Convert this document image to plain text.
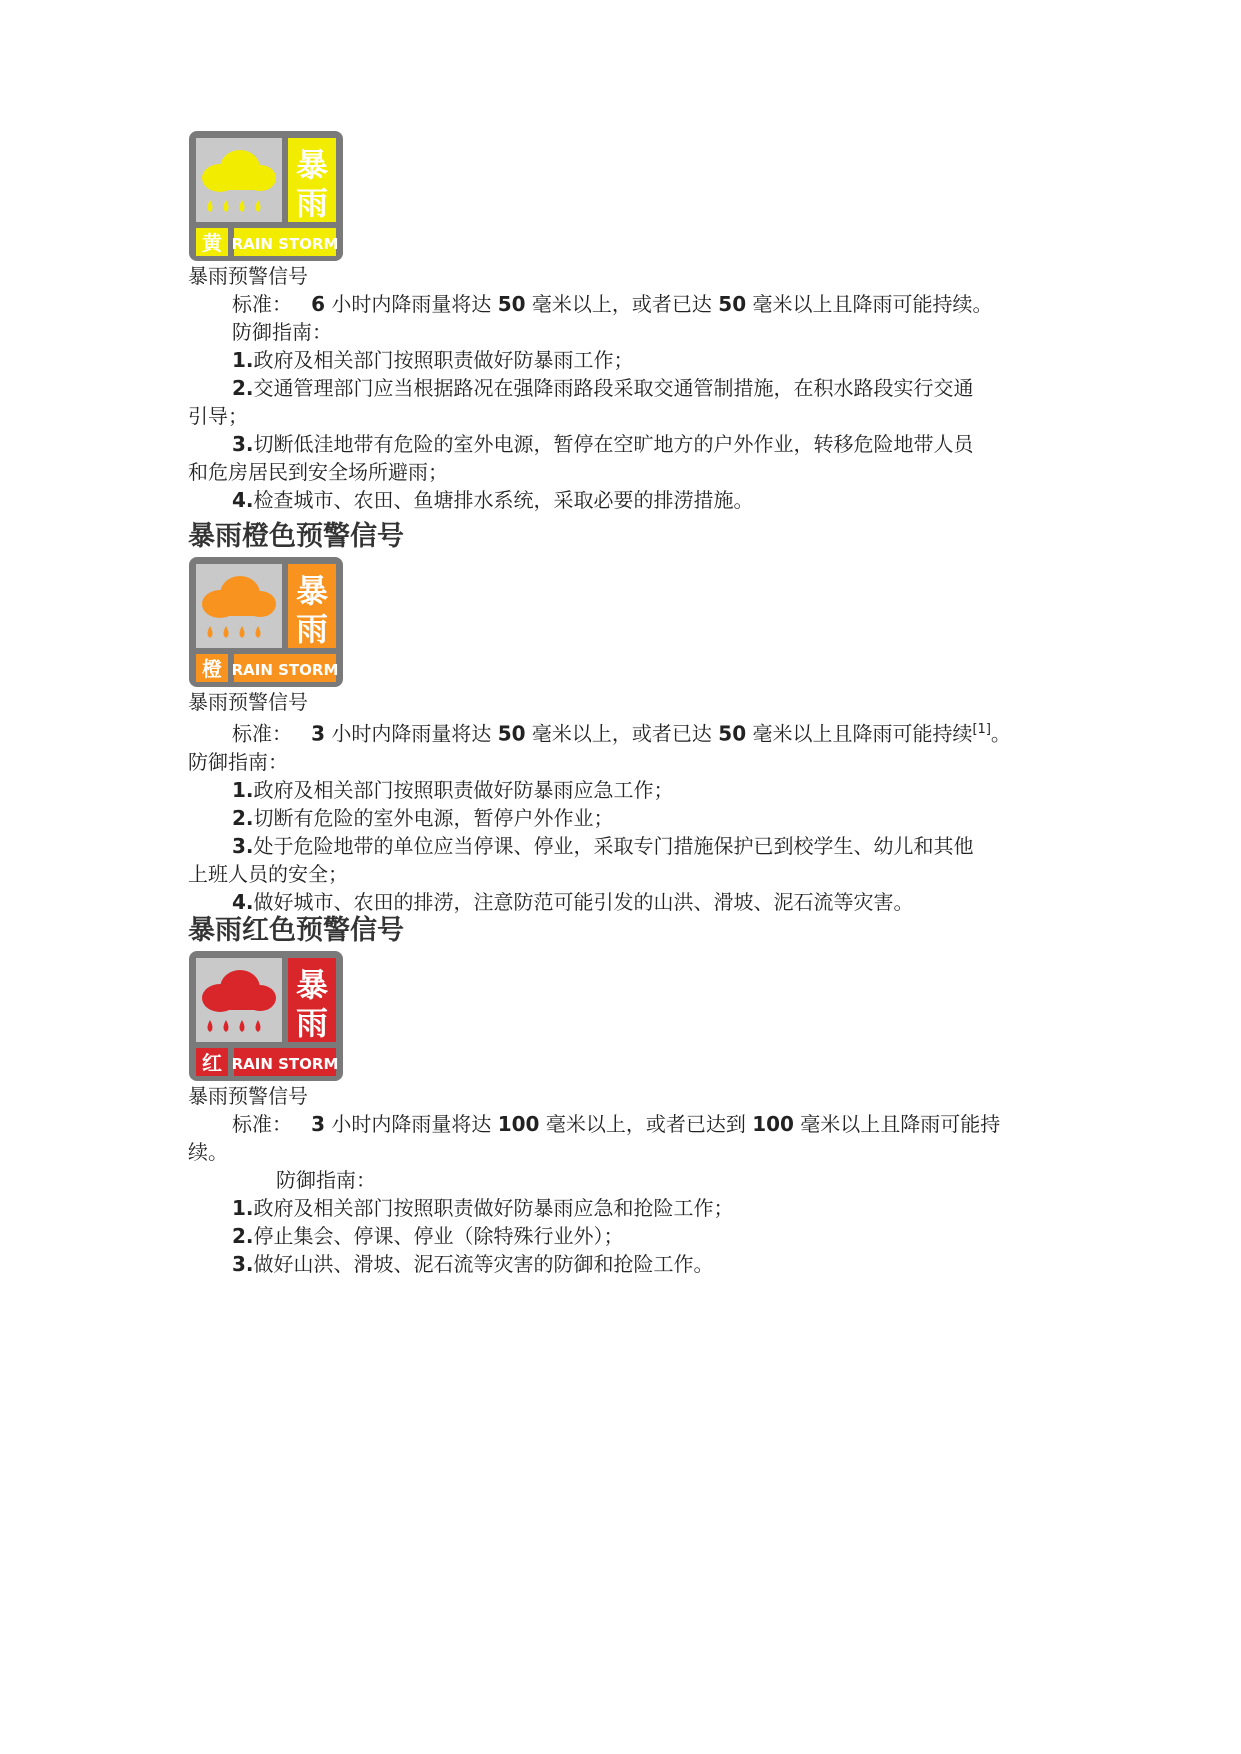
暴
雨
黄 RAIN STORM

暴雨预警信号

标准： 6 小时内降雨量将达 50 毫米以上，或者已达 50 毫米以上且降雨可能持续。

防御指南：

1.政府及相关部门按照职责做好防暴雨工作；

2.交通管理部门应当根据路况在强降雨路段采取交通管制措施，在积水路段实行交通

引导；

3.切断低洼地带有危险的室外电源，暂停在空旷地方的户外作业，转移危险地带人员

和危房居民到安全场所避雨；

4.检查城市、农田、鱼塘排水系统，采取必要的排涝措施。

暴雨橙色预警信号
暴
雨
橙 RAIN STORM

暴雨预警信号

标准： 3 小时内降雨量将达 50 毫米以上，或者已达 50 毫米以上且降雨可能持续[1]。

防御指南：

1.政府及相关部门按照职责做好防暴雨应急工作；

2.切断有危险的室外电源，暂停户外作业；

3.处于危险地带的单位应当停课、停业，采取专门措施保护已到校学生、幼儿和其他

上班人员的安全；

4.做好城市、农田的排涝，注意防范可能引发的山洪、滑坡、泥石流等灾害。

暴雨红色预警信号
暴
雨
红 RAIN STORM

暴雨预警信号

标准： 3 小时内降雨量将达 100 毫米以上，或者已达到 100 毫米以上且降雨可能持

续。

防御指南：

1.政府及相关部门按照职责做好防暴雨应急和抢险工作；

2.停止集会、停课、停业（除特殊行业外）；

3.做好山洪、滑坡、泥石流等灾害的防御和抢险工作。
